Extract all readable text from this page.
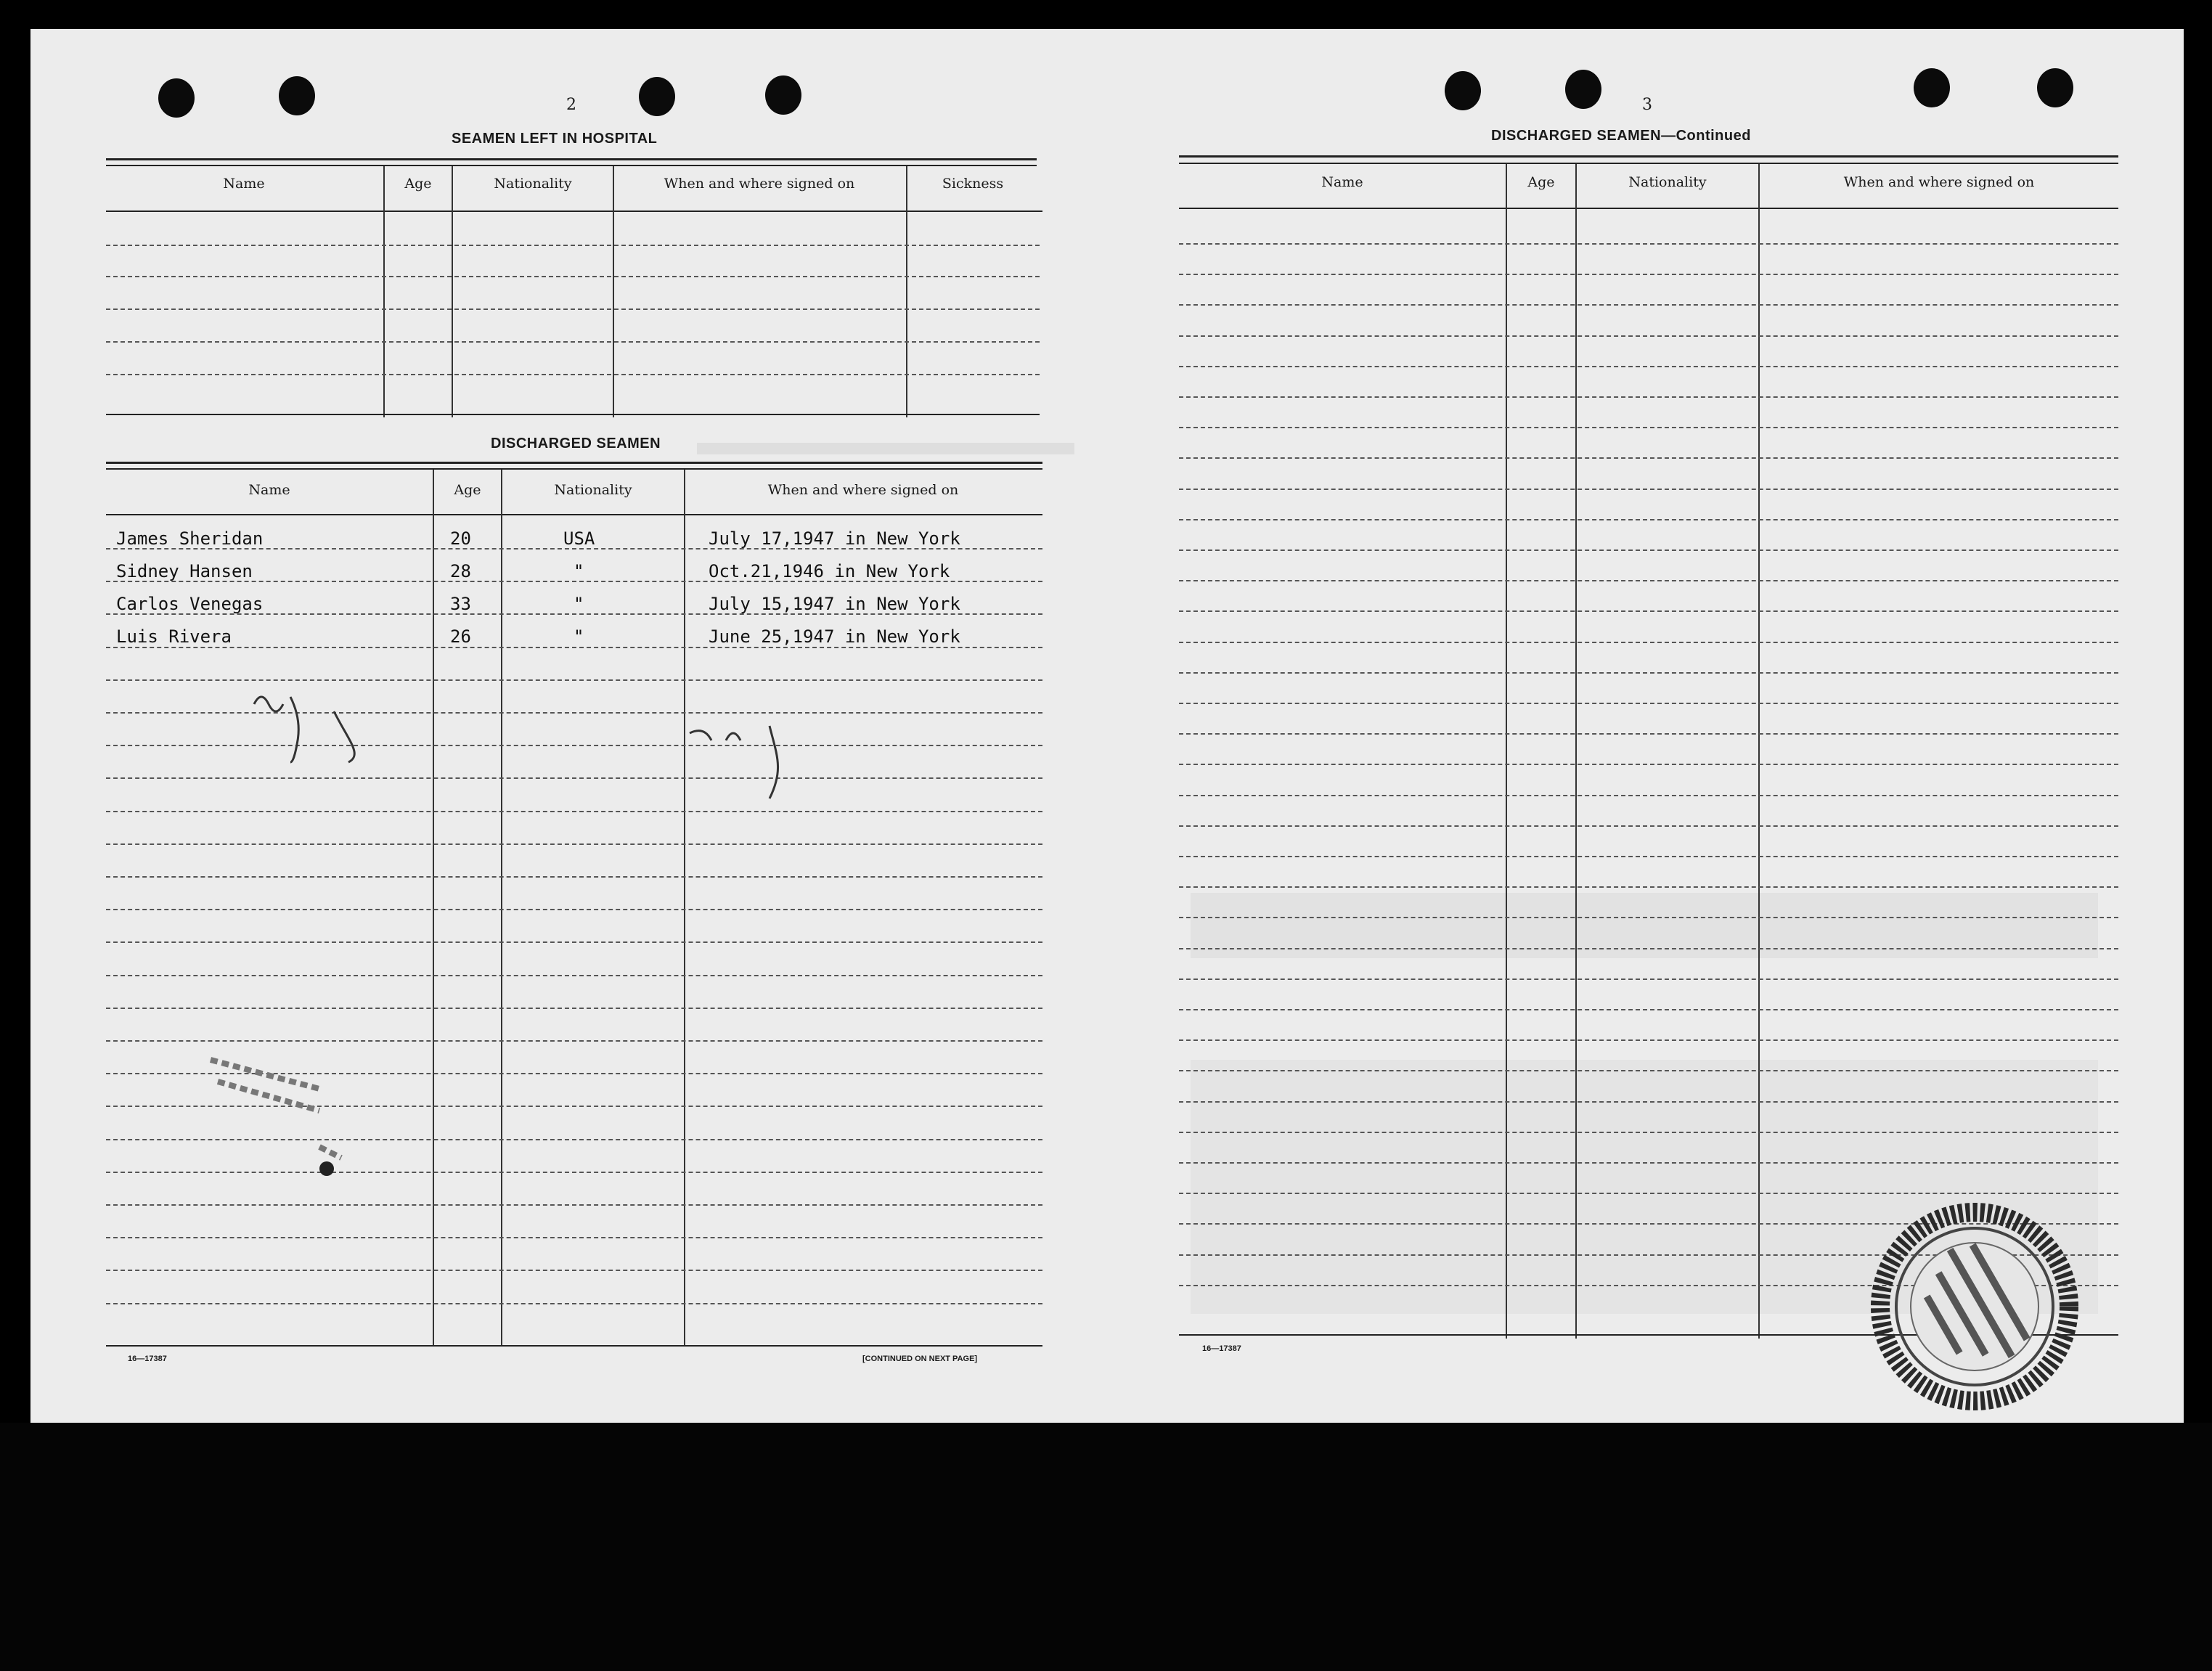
2
SEAMEN LEFT IN HOSPITAL
Name	Age	Nationality	When and where signed on	Sickness
DISCHARGED SEAMEN
Name	Age	Nationality	When and where signed on
James Sheridan	20	USA	July 17,1947 in New York
Sidney Hansen	28	"	Oct.21,1946 in New York
Carlos Venegas	33	"	July 15,1947 in New York
Luis Rivera	26	"	June 25,1947 in New York
16—17387	[CONTINUED ON NEXT PAGE]
3
DISCHARGED SEAMEN—Continued
Name	Age	Nationality	When and where signed on
16—17387
